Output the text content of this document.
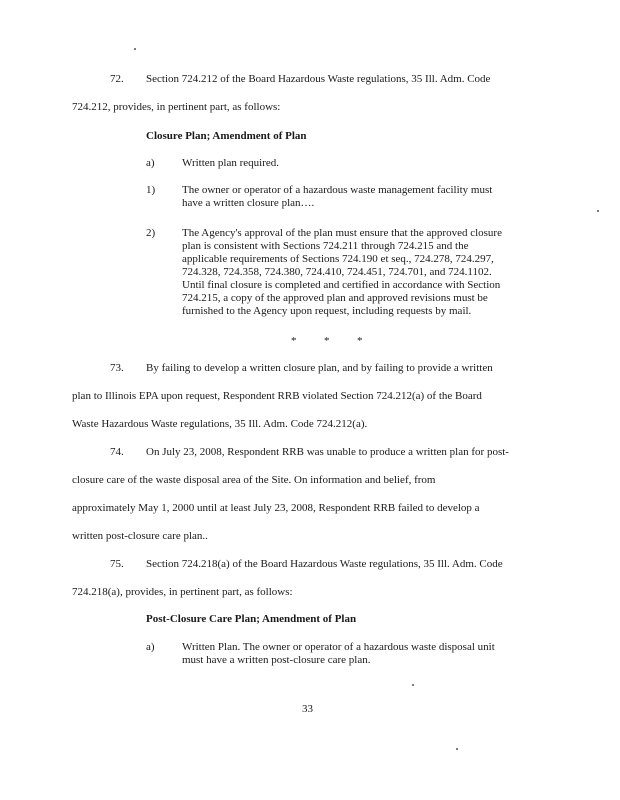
72. Section 724.212 of the Board Hazardous Waste regulations, 35 Ill. Adm. Code
724.212, provides, in pertinent part, as follows:
Closure Plan; Amendment of Plan
a) Written plan required.
1) The owner or operator of a hazardous waste management facility must
have a written closure plan….
2) The Agency's approval of the plan must ensure that the approved closure
plan is consistent with Sections 724.211 through 724.215 and the
applicable requirements of Sections 724.190 et seq., 724.278, 724.297,
724.328, 724.358, 724.380, 724.410, 724.451, 724.701, and 724.1102.
Until final closure is completed and certified in accordance with Section
724.215, a copy of the approved plan and approved revisions must be
furnished to the Agency upon request, including requests by mail.
*	*	*
73. By failing to develop a written closure plan, and by failing to provide a written
plan to Illinois EPA upon request, Respondent RRB violated Section 724.212(a) of the Board
Waste Hazardous Waste regulations, 35 Ill. Adm. Code 724.212(a).
74. On July 23, 2008, Respondent RRB was unable to produce a written plan for post-
closure care of the waste disposal area of the Site. On information and belief, from
approximately May 1, 2000 until at least July 23, 2008, Respondent RRB failed to develop a
written post-closure care plan..
75. Section 724.218(a) of the Board Hazardous Waste regulations, 35 Ill. Adm. Code
724.218(a), provides, in pertinent part, as follows:
Post-Closure Care Plan; Amendment of Plan
a) Written Plan. The owner or operator of a hazardous waste disposal unit
must have a written post-closure care plan.
33
